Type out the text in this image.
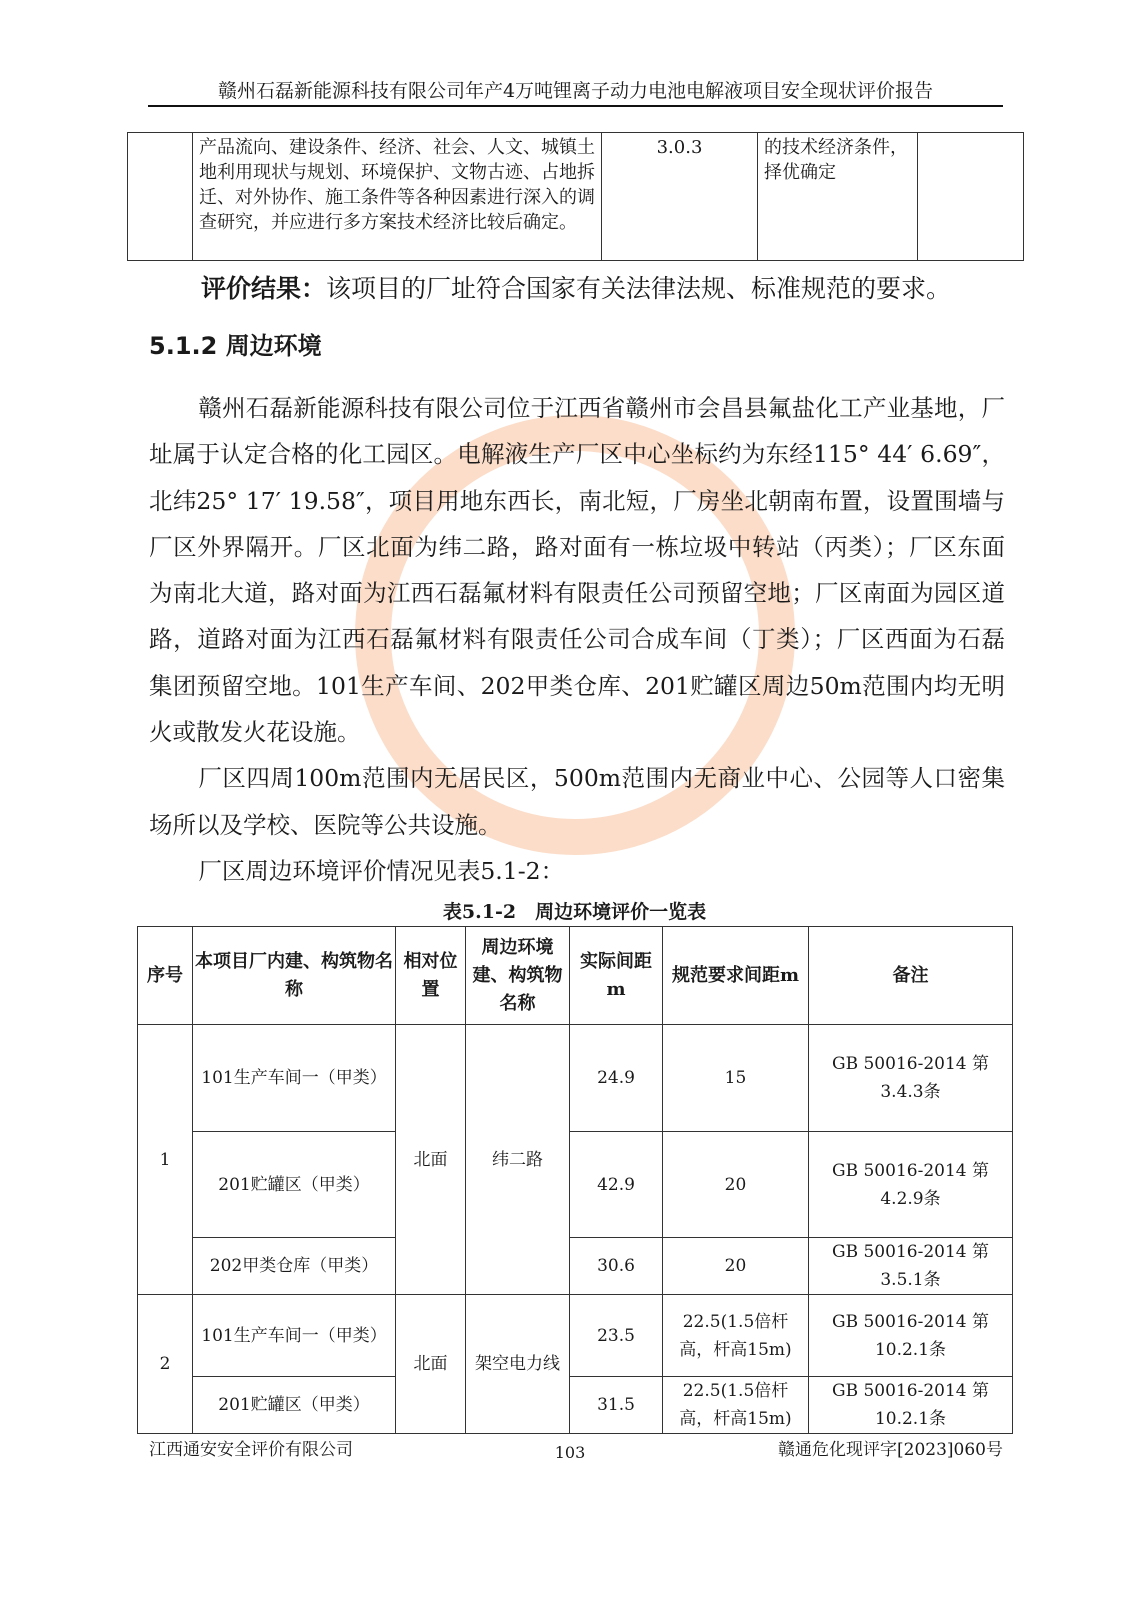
赣州石磊新能源科技有限公司年产4万吨锂离子动力电池电解液项目安全现状评价报告
	产品流向、建设条件、经济、社会、人文、城镇土地利用现状与规划、环境保护、文物古迹、占地拆迁、对外协作、施工条件等各种因素进行深入的调查研究，并应进行多方案技术经济比较后确定。	3.0.3	的技术经济条件，择优确定	
评价结果：该项目的厂址符合国家有关法律法规、标准规范的要求。
5.1.2 周边环境
赣州石磊新能源科技有限公司位于江西省赣州市会昌县氟盐化工产业基地，厂址属于认定合格的化工园区。电解液生产厂区中心坐标约为东经115° 44′ 6.69″，北纬25° 17′ 19.58″，项目用地东西长，南北短，厂房坐北朝南布置，设置围墙与厂区外界隔开。厂区北面为纬二路，路对面有一栋垃圾中转站（丙类）；厂区东面为南北大道，路对面为江西石磊氟材料有限责任公司预留空地；厂区南面为园区道路，道路对面为江西石磊氟材料有限责任公司合成车间（丁类）；厂区西面为石磊集团预留空地。101生产车间、202甲类仓库、201贮罐区周边50m范围内均无明火或散发火花设施。
厂区四周100m范围内无居民区，500m范围内无商业中心、公园等人口密集场所以及学校、医院等公共设施。
厂区周边环境评价情况见表5.1-2：
表5.1-2　周边环境评价一览表
序号	本项目厂内建、构筑物名称	相对位置	周边环境建、构筑物名称	实际间距m	规范要求间距m	备注
1	101生产车间一（甲类）	北面	纬二路	24.9	15	GB 50016-2014 第3.4.3条
	201贮罐区（甲类）			42.9	20	GB 50016-2014 第4.2.9条
	202甲类仓库（甲类）			30.6	20	GB 50016-2014 第3.5.1条
2	101生产车间一（甲类）	北面	架空电力线	23.5	22.5(1.5倍杆高，杆高15m)	GB 50016-2014 第10.2.1条
	201贮罐区（甲类）			31.5	22.5(1.5倍杆高，杆高15m)	GB 50016-2014 第10.2.1条
江西通安安全评价有限公司	103	赣通危化现评字[2023]060号
